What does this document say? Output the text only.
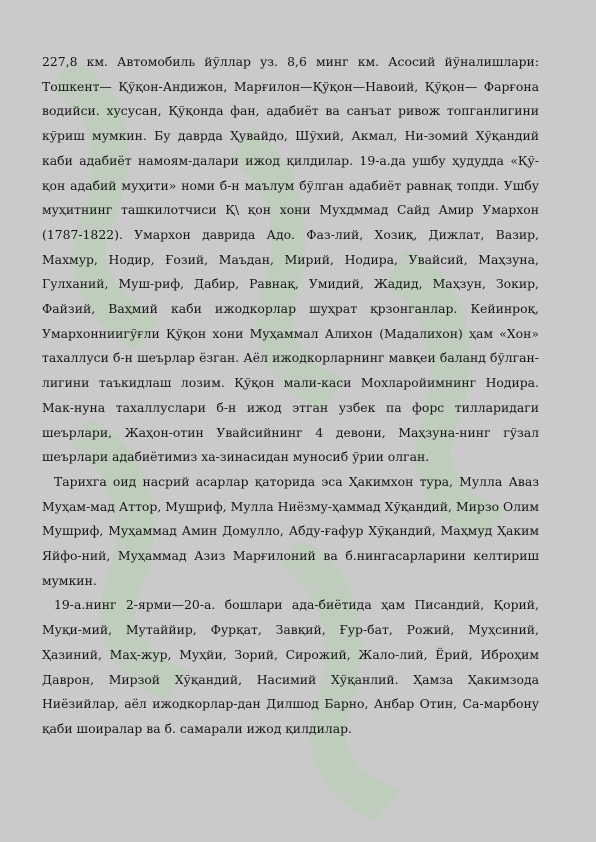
227,8 км. Автомобиль йўллар уз. 8,6 минг км. Асосий йўналишлари: Тошкент— Қўқон-Андижон, Марғилон—Қўқон—Навоий, Қўқон— Фарғона водийси. хусусан, Қўқонда фан, адабиёт ва санъат ривож топганлигини кўриш мумкин. Бу даврда Ҳувайдо, Шўхий, Акмал, Ни-зомий Хўқандий каби адабиёт намоям-далари ижод қилдилар. 19-а.да ушбу ҳудудда «Қў-қон адабий муҳити» номи б-н маълум бўлган адабиёт равнақ топди. Ушбу муҳитнинг ташкилотчиси Қ\ қон хони Мухдммад Сайд Амир Умархон (1787-1822). Умархон даврида Адо. Фаз-лий, Хозиқ, Дижлат, Вазир, Махмур, Нодир, Ғозий, Маъдан, Мирий, Нодира, Увайсий, Маҳзуна, Гулханий, Муш-риф, Дабир, Равнақ, Умидий, Жадид, Маҳзун, Зокир, Файзий, Ваҳмий каби ижодкорлар шуҳрат қрзонганлар. Кейинроқ, Умархонниигўғли Қўқон хони Муҳаммал Алихон (Мадалихон) ҳам «Хон» тахаллуси б-н шеърлар ёзган. Аёл ижодкорларнинг мавқеи баланд бўлган-лигини таъкидлаш лозим. Қўқон мали-каси Мохларойимнинг Нодира. Мак-нуна тахаллуслари б-н ижод этган узбек па форс тилларидаги шеърлари, Жаҳон-отин Увайсийнинг 4 девони, Маҳзуна-нинг гўзал шеърлари адабиётимиз ха-зинасидан муносиб ўрии олган.

Тарихга оид насрий асарлар қаторида эса Ҳакимхон тура, Мулла Аваз Муҳам-мад Аттор, Мушриф, Мулла Ниёзму-ҳаммад Хўқандий, Мирзо Олим Мушриф, Муҳаммад Амин Домулло, Абду-ғафур Хўқандий, Маҳмуд Ҳаким Яйфо-ний, Муҳаммад Азиз Марғилоний ва б.нингасарларини келтириш мумкин.

19-а.нинг 2-ярми—20-а. бошлари ада-биётида ҳам Писандий, Қорий, Муқи-мий, Мутаййир, Фурқат, Завқий, Ғур-бат, Рожий, Муҳсиний, Ҳазиний, Маҳ-жур, Муҳйи, Зорий, Сирожий, Жало-лий, Ёрий, Иброҳим Даврон, Мирзой Хўқандий, Насимий Хўқанлий. Ҳамза Ҳакимзода Ниёзийлар, аёл ижодкорлар-дан Дилшод Барно, Анбар Отин, Са-марбону қаби шоиралар ва б. самарали ижод қилдилар.
